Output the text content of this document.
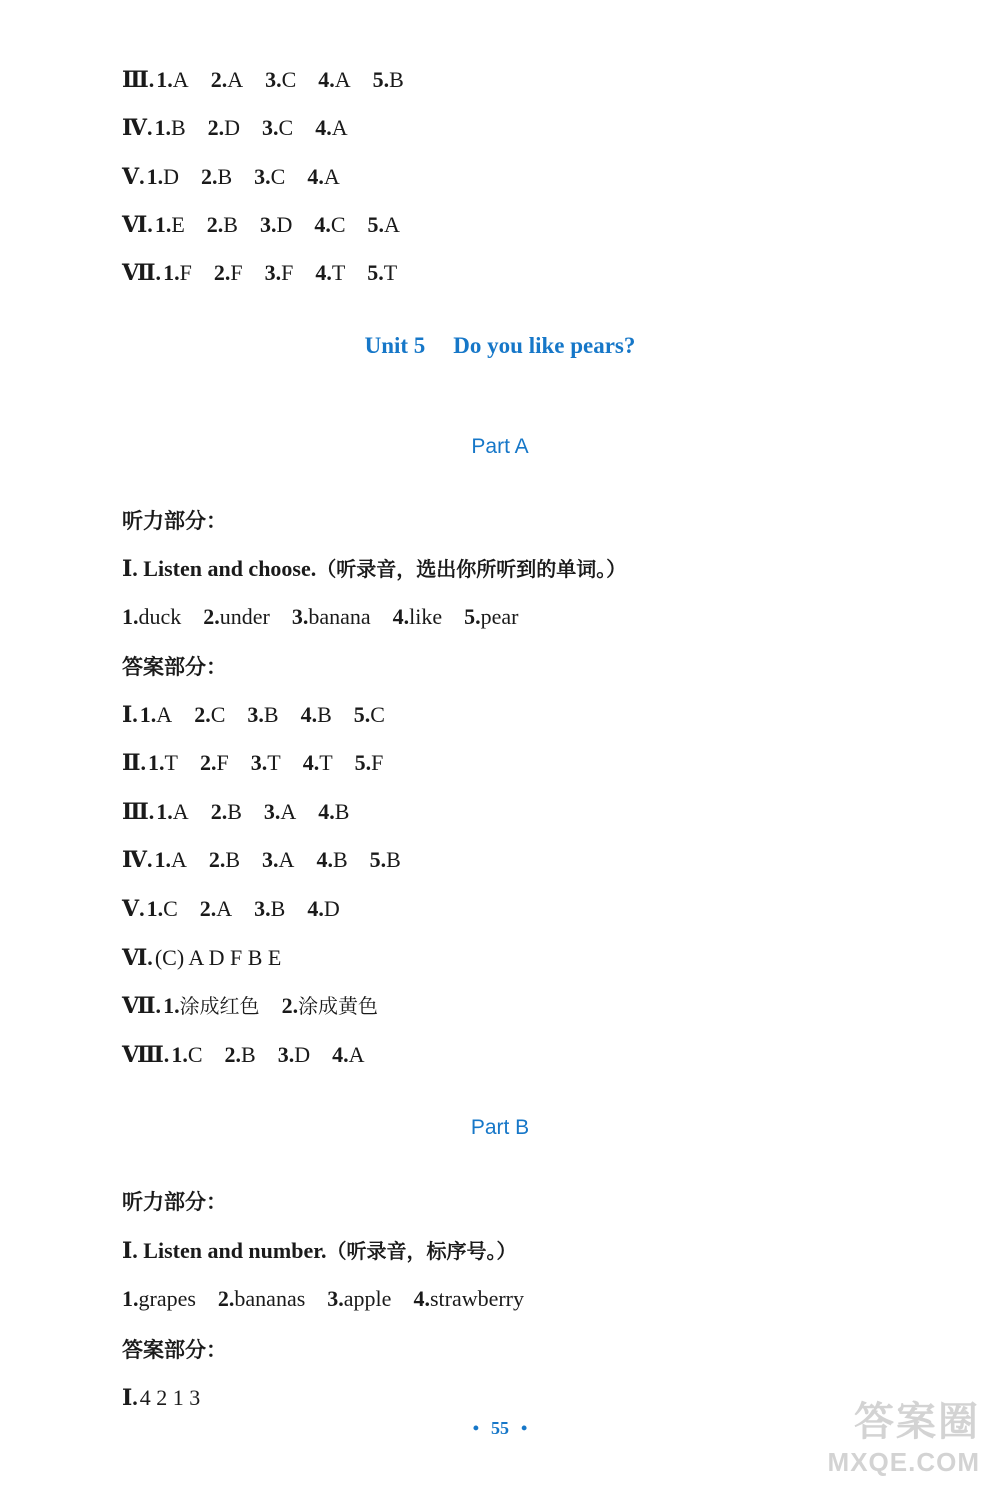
Ⅲ. 1.A 2.A 3.C 4.A 5.B
Ⅳ. 1.B 2.D 3.C 4.A
Ⅴ. 1.D 2.B 3.C 4.A
Ⅵ. 1.E 2.B 3.D 4.C 5.A
Ⅶ. 1.F 2.F 3.F 4.T 5.T
Unit 5 Do you like pears?
Part A
听力部分：
Ⅰ. Listen and choose.（听录音，选出你所听到的单词。）
1.duck 2.under 3.banana 4.like 5.pear
答案部分：
Ⅰ. 1.A 2.C 3.B 4.B 5.C
Ⅱ. 1.T 2.F 3.T 4.T 5.F
Ⅲ. 1.A 2.B 3.A 4.B
Ⅳ. 1.A 2.B 3.A 4.B 5.B
Ⅴ. 1.C 2.A 3.B 4.D
Ⅵ. (C) A D F B E
Ⅶ. 1.涂成红色 2.涂成黄色
Ⅷ. 1.C 2.B 3.D 4.A
Part B
听力部分：
Ⅰ. Listen and number.（听录音，标序号。）
1.grapes 2.bananas 3.apple 4.strawberry
答案部分：
Ⅰ. 4 2 1 3
• 55 •	答案圈
MXQE.COM
